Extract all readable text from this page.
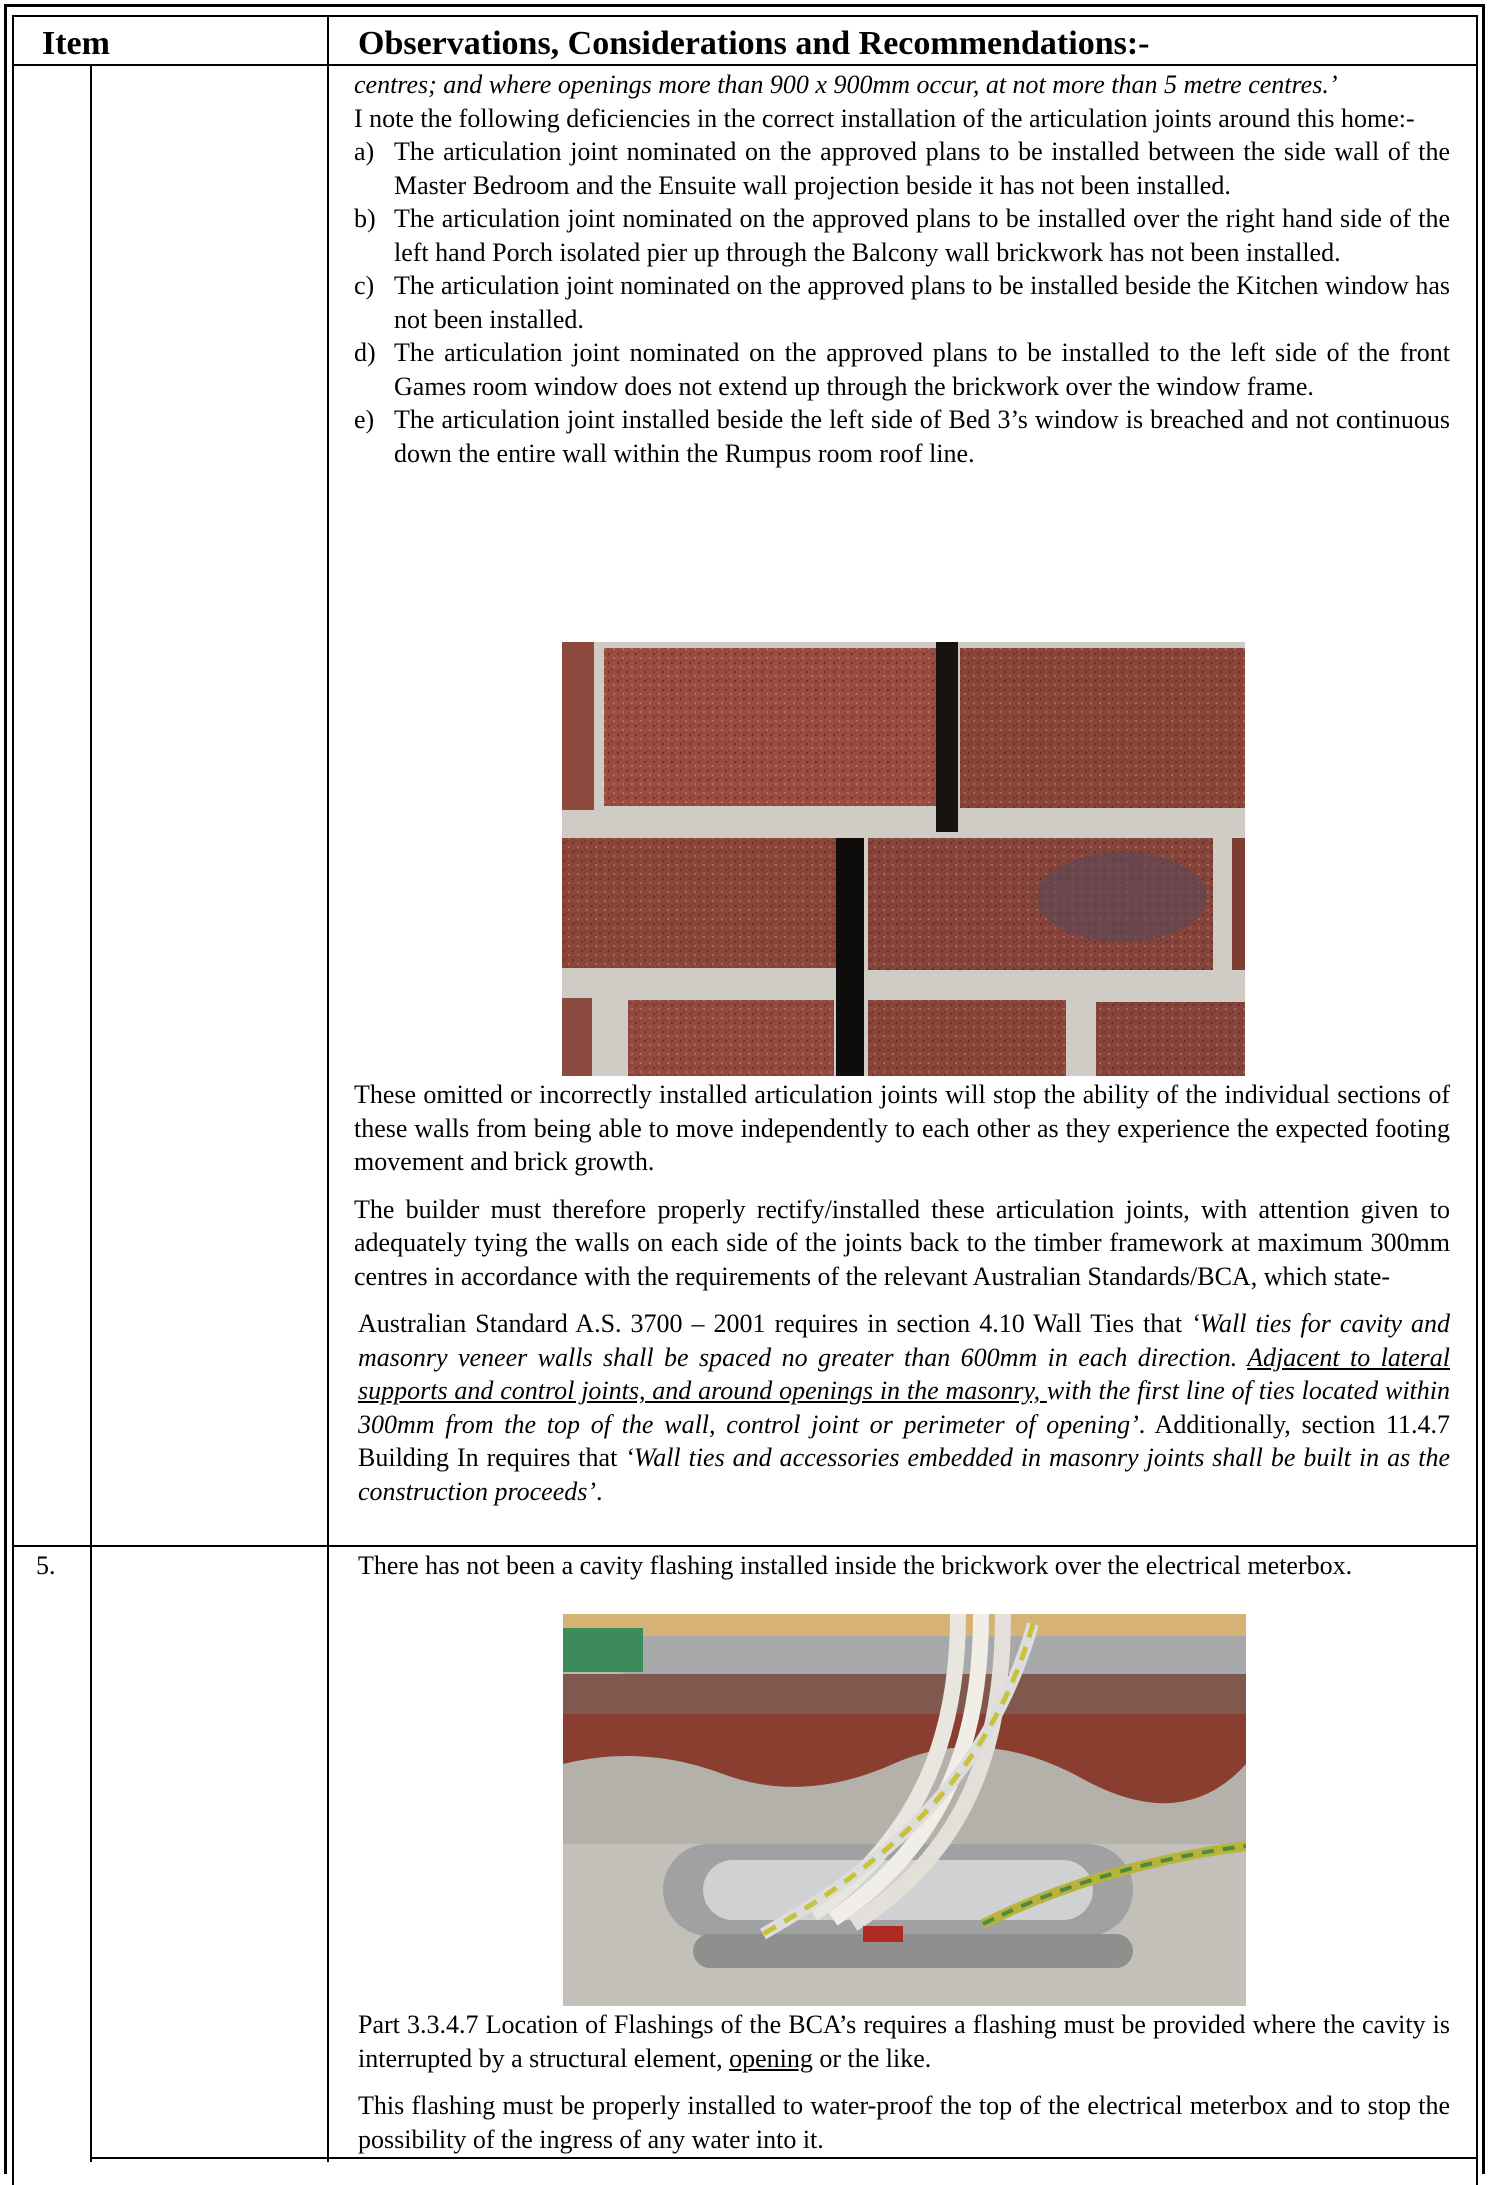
Item	Observations, Considerations and Recommendations:-

centres; and where openings more than 900 x 900mm occur, at not more than 5 metre centres.’

I note the following deficiencies in the correct installation of the articulation joints around this home:-

a) The articulation joint nominated on the approved plans to be installed between the side wall of the Master Bedroom and the Ensuite wall projection beside it has not been installed.
b) The articulation joint nominated on the approved plans to be installed over the right hand side of the left hand Porch isolated pier up through the Balcony wall brickwork has not been installed.
c) The articulation joint nominated on the approved plans to be installed beside the Kitchen window has not been installed.
d) The articulation joint nominated on the approved plans to be installed to the left side of the front Games room window does not extend up through the brickwork over the window frame.
e) The articulation joint installed beside the left side of Bed 3’s window is breached and not continuous down the entire wall within the Rumpus room roof line.

These omitted or incorrectly installed articulation joints will stop the ability of the individual sections of these walls from being able to move independently to each other as they experience the expected footing movement and brick growth.

The builder must therefore properly rectify/installed these articulation joints, with attention given to adequately tying the walls on each side of the joints back to the timber framework at maximum 300mm centres in accordance with the requirements of the relevant Australian Standards/BCA, which state-

Australian Standard A.S. 3700 – 2001 requires in section 4.10 Wall Ties that ‘Wall ties for cavity and masonry veneer walls shall be spaced no greater than 600mm in each direction. Adjacent to lateral supports and control joints, and around openings in the masonry, with the first line of ties located within 300mm from the top of the wall, control joint or perimeter of opening’. Additionally, section 11.4.7 Building In requires that ‘Wall ties and accessories embedded in masonry joints shall be built in as the construction proceeds’.

5.	There has not been a cavity flashing installed inside the brickwork over the electrical meterbox.

Part 3.3.4.7 Location of Flashings of the BCA’s requires a flashing must be provided where the cavity is interrupted by a structural element, opening or the like.

This flashing must be properly installed to water-proof the top of the electrical meterbox and to stop the possibility of the ingress of any water into it.
